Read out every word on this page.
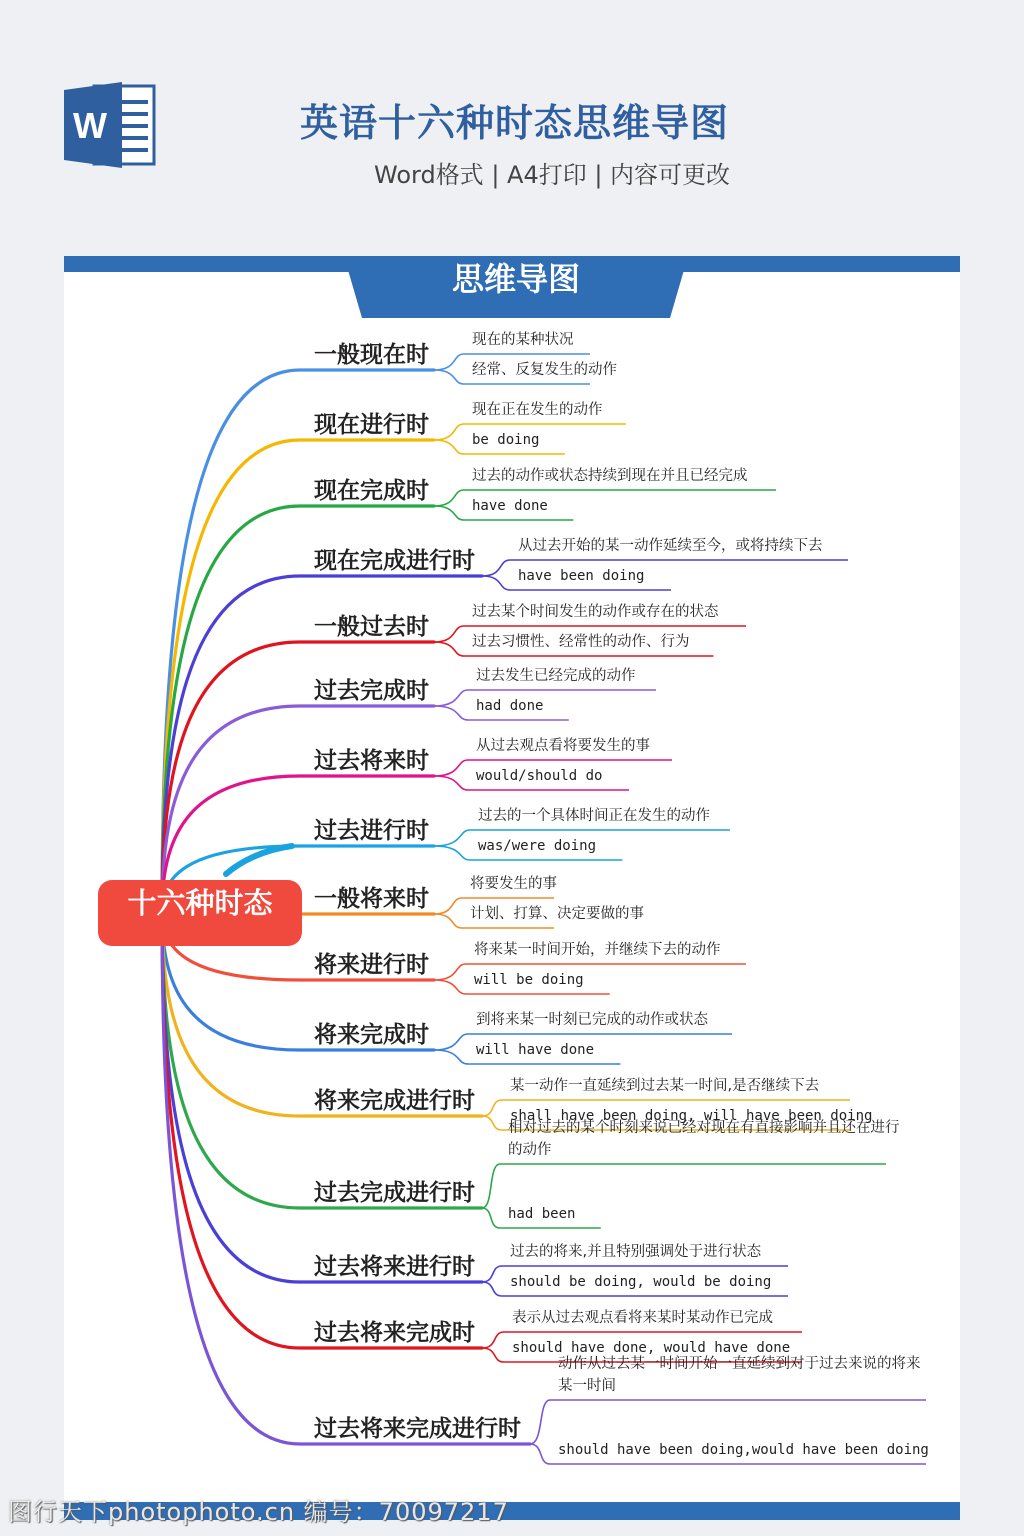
W	英语十六种时态思维导图
Word格式 | A4打印 | 内容可更改
思维导图
一般现在时
现在的某种状况
经常、反复发生的动作
现在进行时
现在正在发生的动作
be doing
现在完成时
过去的动作或状态持续到现在并且已经完成
have done
现在完成进行时
从过去开始的某一动作延续至今，或将持续下去
have been doing
一般过去时
过去某个时间发生的动作或存在的状态
过去习惯性、经常性的动作、行为
过去完成时
过去发生已经完成的动作
had done
过去将来时
从过去观点看将要发生的事
would/should do
过去进行时
过去的一个具体时间正在发生的动作
was/were doing
一般将来时
将要发生的事
计划、打算、决定要做的事
将来进行时
将来某一时间开始，并继续下去的动作
will be doing
将来完成时
到将来某一时刻已完成的动作或状态
will have done
将来完成进行时
某一动作一直延续到过去某一时间,是否继续下去
shall have been doing, will have been doing
过去完成进行时
相对过去的某个时刻来说已经对现在有直接影响并且还在进行
的动作
had been
过去将来进行时
过去的将来,并且特别强调处于进行状态
should be doing, would be doing
过去将来完成时
表示从过去观点看将来某时某动作已完成
should have done, would have done
过去将来完成进行时
动作从过去某一时间开始一直延续到对于过去来说的将来
某一时间
should have been doing,would have been doing
十六种时态
图行天下photophoto.cn 编号：70097217
